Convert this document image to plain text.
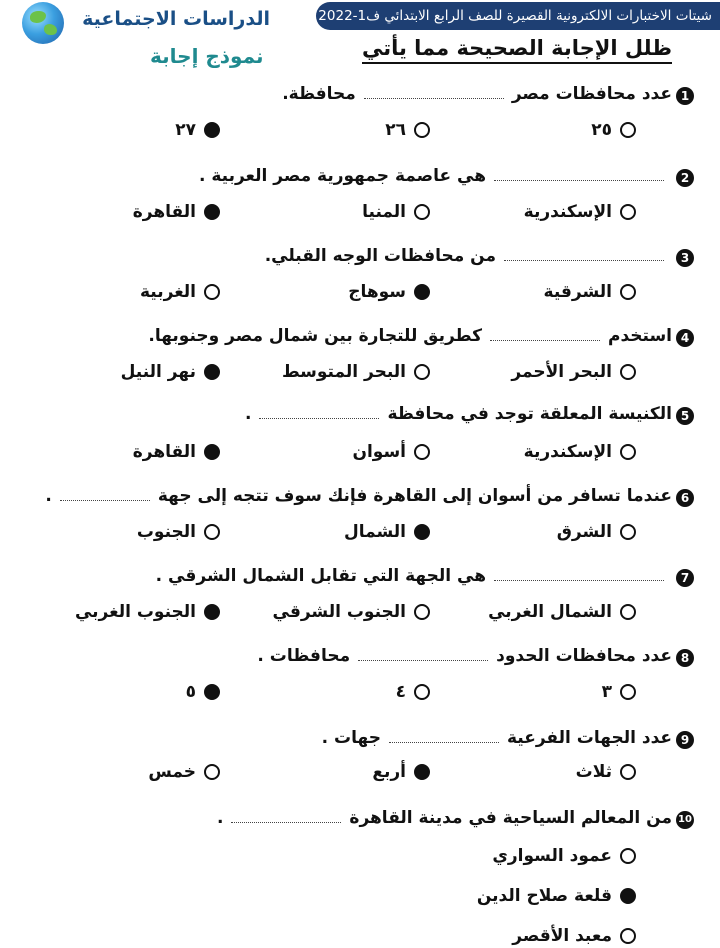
الدراسات الاجتماعية	شيتات الاختبارات الالكترونية القصيرة للصف الرابع الابتدائي ف1-2022
نموذج إجابة	ظلل الإجابة الصحيحة مما يأتي
1
عدد محافظات مصرمحافظة.
٢٥
٢٦
٢٧
2
هي عاصمة جمهورية مصر العربية .
الإسكندرية
المنيا
القاهرة
3
من محافظات الوجه القبلي.
الشرقية
سوهاج
الغربية
4
استخدمكطريق للتجارة بين شمال مصر وجنوبها.
البحر الأحمر
البحر المتوسط
نهر النيل
5
الكنيسة المعلقة توجد في محافظة.
الإسكندرية
أسوان
القاهرة
6
عندما تسافر من أسوان إلى القاهرة فإنك سوف تتجه إلى جهة.
الشرق
الشمال
الجنوب
7
هي الجهة التي تقابل الشمال الشرقي .
الشمال الغربي
الجنوب الشرقي
الجنوب الغربي
8
عدد محافظات الحدودمحافظات .
٣
٤
٥
9
عدد الجهات الفرعيةجهات .
ثلاث
أربع
خمس
10
من المعالم السياحية في مدينة القاهرة.
عمود السواري
قلعة صلاح الدين
معبد الأقصر
